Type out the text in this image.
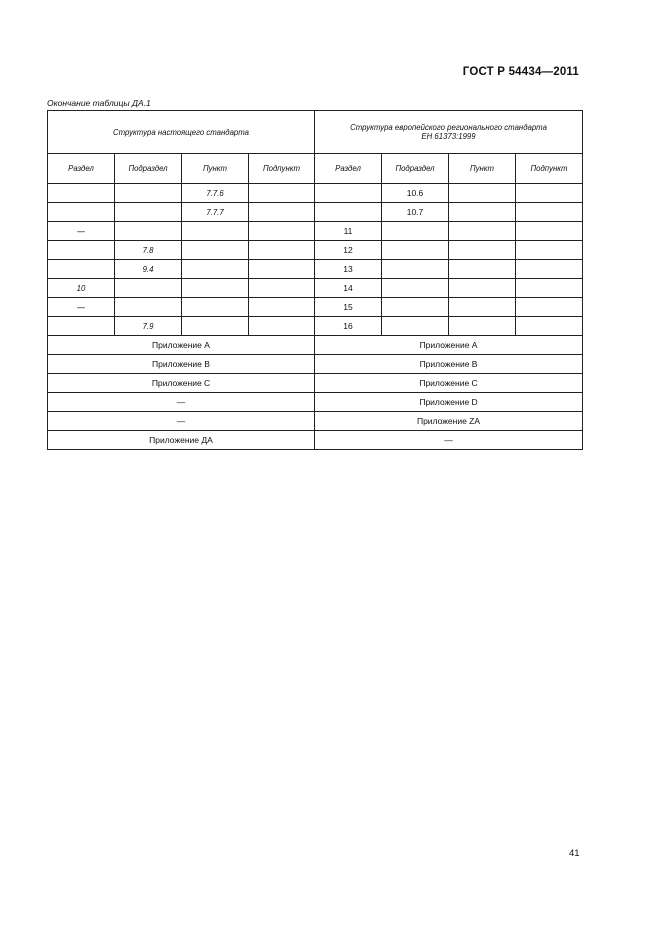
ГОСТ Р 54434—2011
Окончание таблицы ДА.1
Структура настоящего стандарта				Структура европейского регионального стандарта
ЕН 61373:1999			

Раздел	Подраздел	Пункт	Подпункт	Раздел	Подраздел	Пункт	Подпункт
		7.7.6			10.6		
		7.7.7			10.7		
—				11			
	7.8			12			
	9.4			13			
10				14			
—				15			
	7.9			16			
Приложение А				Приложение А			
Приложение В				Приложение В			
Приложение С				Приложение С			
—				Приложение D			
—				Приложение ZA			
Приложение ДА				—			
41
